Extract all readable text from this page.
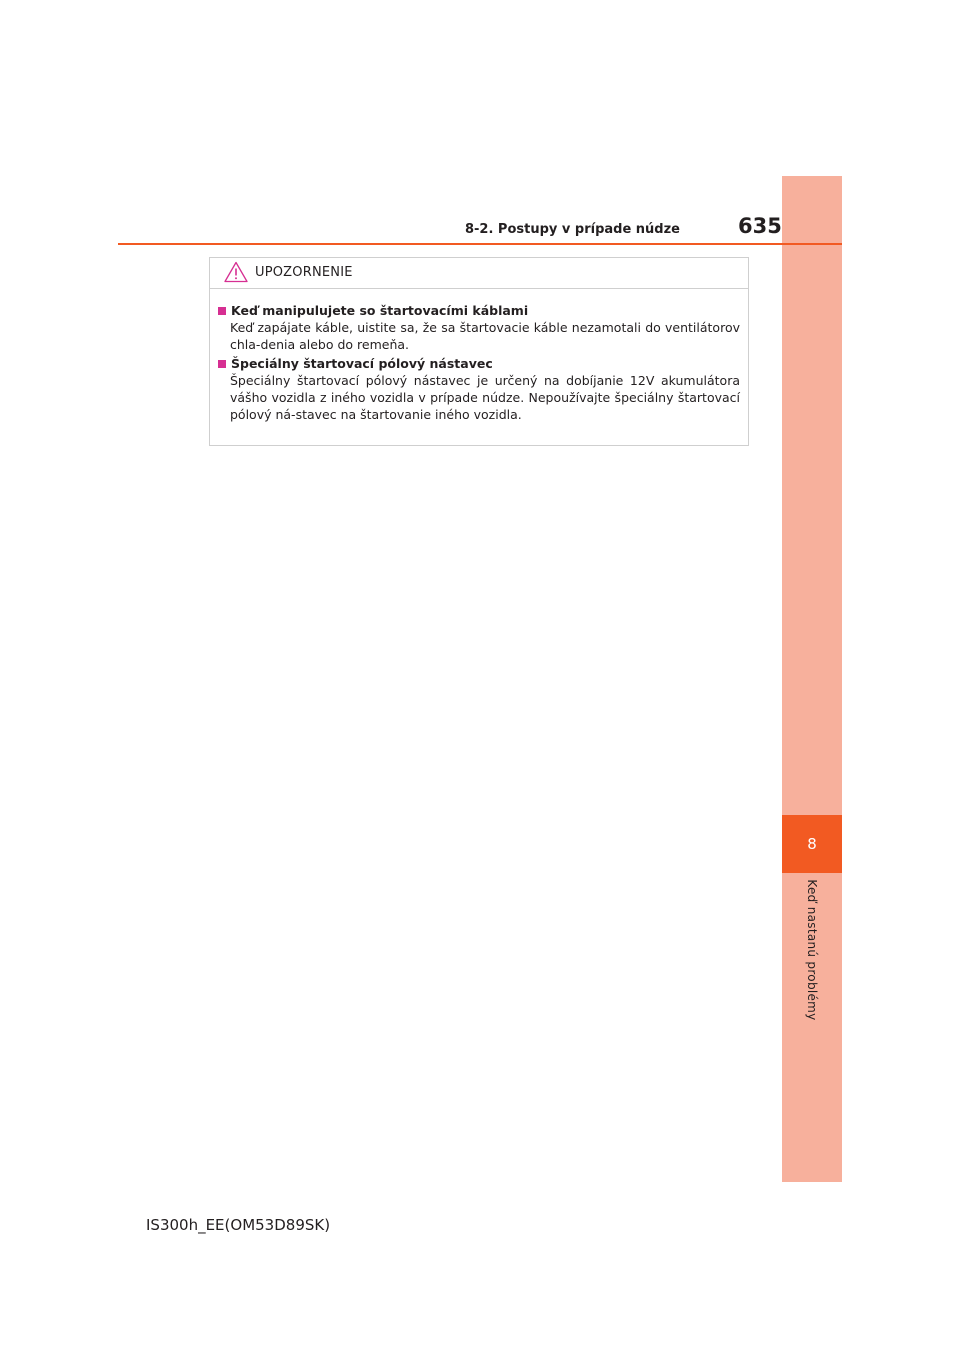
8
Keď nastanú problémy
8-2. Postupy v prípade núdze	635
UPOZORNENIE
Keď manipulujete so štartovacími káblami
Keď zapájate káble, uistite sa, že sa štartovacie káble nezamotali do ventilátorov chla-denia alebo do remeňa.
Špeciálny štartovací pólový nástavec
Špeciálny štartovací pólový nástavec je určený na dobíjanie 12V akumulátora vášho vozidla z iného vozidla v prípade núdze. Nepoužívajte špeciálny štartovací pólový ná-stavec na štartovanie iného vozidla.
IS300h_EE(OM53D89SK)
